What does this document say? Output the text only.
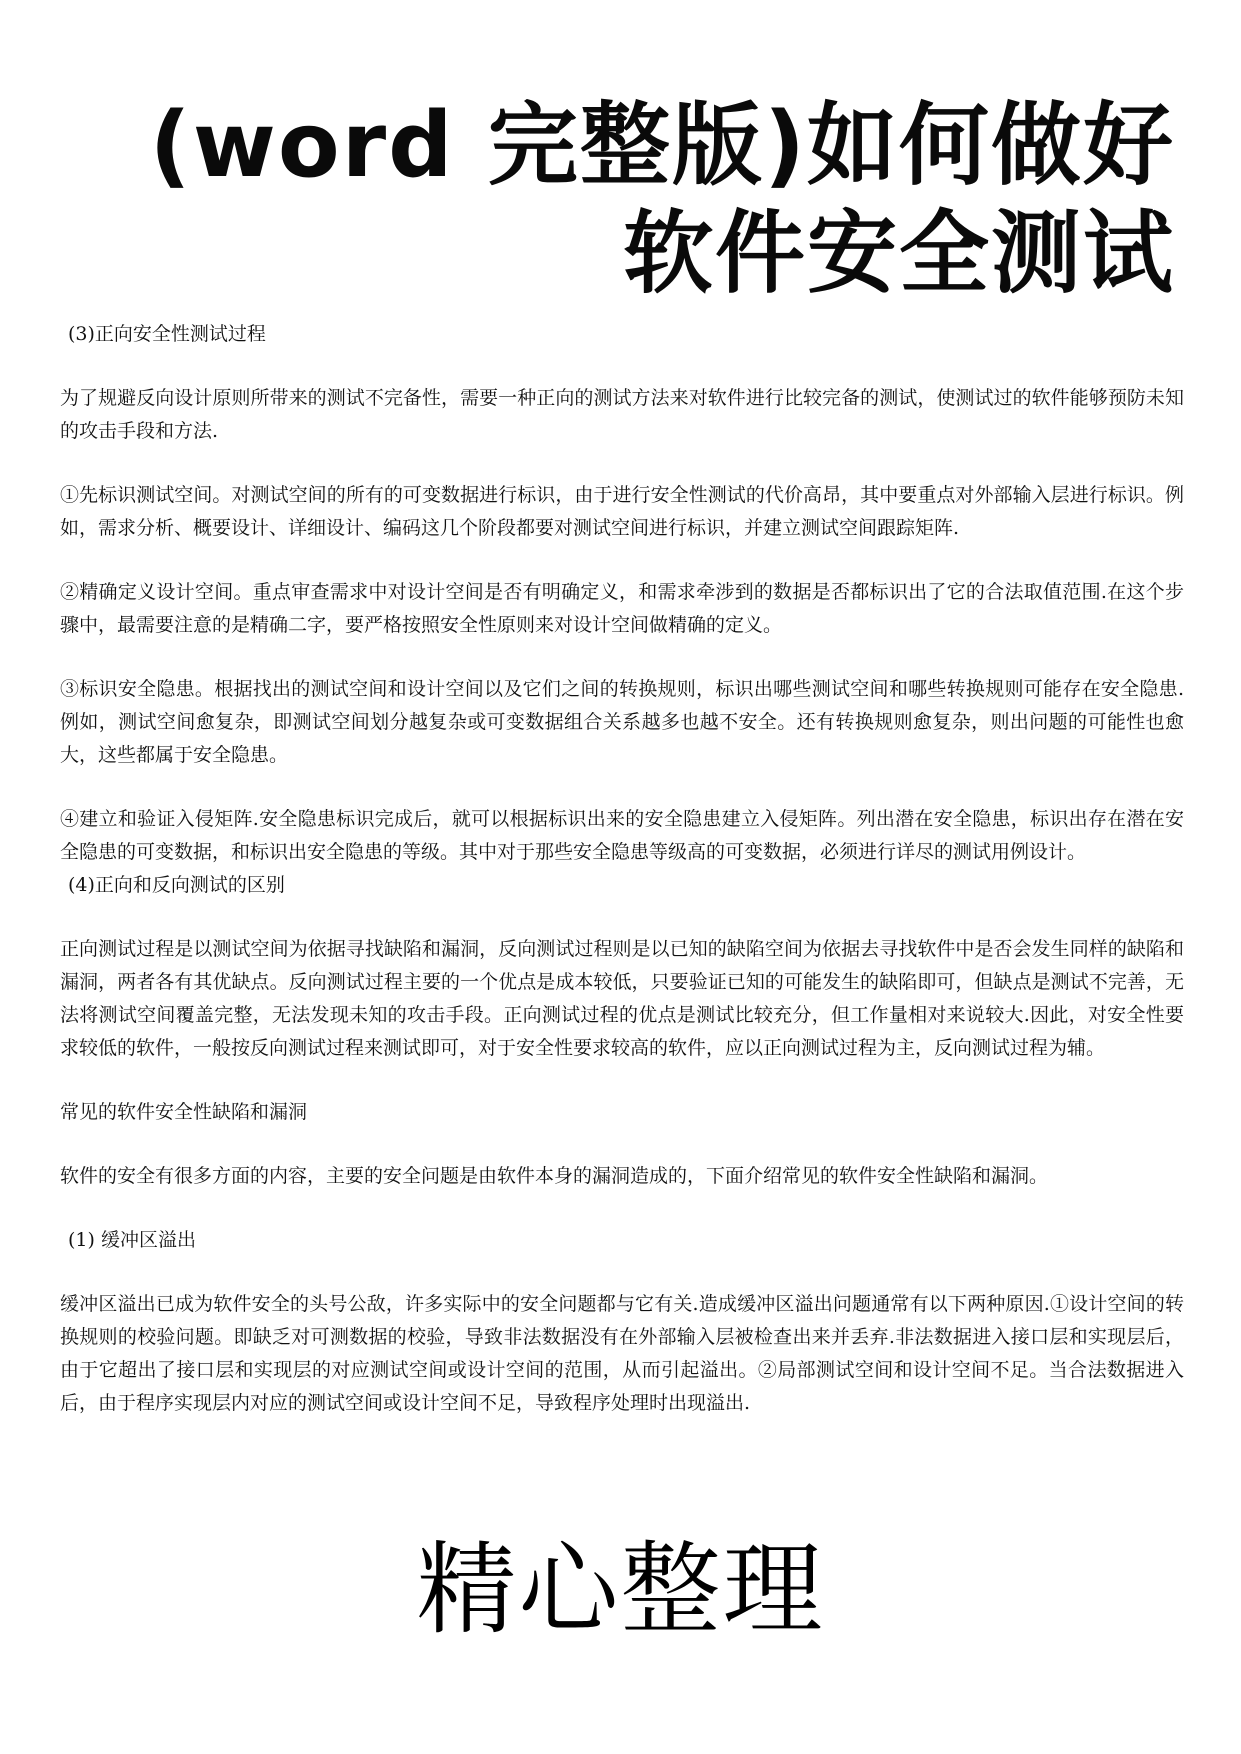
(word 完整版)如何做好软件安全测试

(3)正向安全性测试过程

为了规避反向设计原则所带来的测试不完备性，需要一种正向的测试方法来对软件进行比较完备的测试，使测试过的软件能够预防未知的攻击手段和方法.

①先标识测试空间。对测试空间的所有的可变数据进行标识，由于进行安全性测试的代价高昂，其中要重点对外部输入层进行标识。例如，需求分析、概要设计、详细设计、编码这几个阶段都要对测试空间进行标识，并建立测试空间跟踪矩阵.

②精确定义设计空间。重点审查需求中对设计空间是否有明确定义，和需求牵涉到的数据是否都标识出了它的合法取值范围.在这个步骤中，最需要注意的是精确二字，要严格按照安全性原则来对设计空间做精确的定义。

③标识安全隐患。根据找出的测试空间和设计空间以及它们之间的转换规则，标识出哪些测试空间和哪些转换规则可能存在安全隐患.例如，测试空间愈复杂，即测试空间划分越复杂或可变数据组合关系越多也越不安全。还有转换规则愈复杂，则出问题的可能性也愈大，这些都属于安全隐患。

④建立和验证入侵矩阵.安全隐患标识完成后，就可以根据标识出来的安全隐患建立入侵矩阵。列出潜在安全隐患，标识出存在潜在安全隐患的可变数据，和标识出安全隐患的等级。其中对于那些安全隐患等级高的可变数据，必须进行详尽的测试用例设计。

(4)正向和反向测试的区别

正向测试过程是以测试空间为依据寻找缺陷和漏洞，反向测试过程则是以已知的缺陷空间为依据去寻找软件中是否会发生同样的缺陷和漏洞，两者各有其优缺点。反向测试过程主要的一个优点是成本较低，只要验证已知的可能发生的缺陷即可，但缺点是测试不完善，无法将测试空间覆盖完整，无法发现未知的攻击手段。正向测试过程的优点是测试比较充分，但工作量相对来说较大.因此，对安全性要求较低的软件，一般按反向测试过程来测试即可，对于安全性要求较高的软件，应以正向测试过程为主，反向测试过程为辅。

常见的软件安全性缺陷和漏洞

软件的安全有很多方面的内容，主要的安全问题是由软件本身的漏洞造成的，下面介绍常见的软件安全性缺陷和漏洞。

(1) 缓冲区溢出

缓冲区溢出已成为软件安全的头号公敌，许多实际中的安全问题都与它有关.造成缓冲区溢出问题通常有以下两种原因.①设计空间的转换规则的校验问题。即缺乏对可测数据的校验，导致非法数据没有在外部输入层被检查出来并丢弃.非法数据进入接口层和实现层后，由于它超出了接口层和实现层的对应测试空间或设计空间的范围，从而引起溢出。②局部测试空间和设计空间不足。当合法数据进入后，由于程序实现层内对应的测试空间或设计空间不足，导致程序处理时出现溢出.

精心整理
